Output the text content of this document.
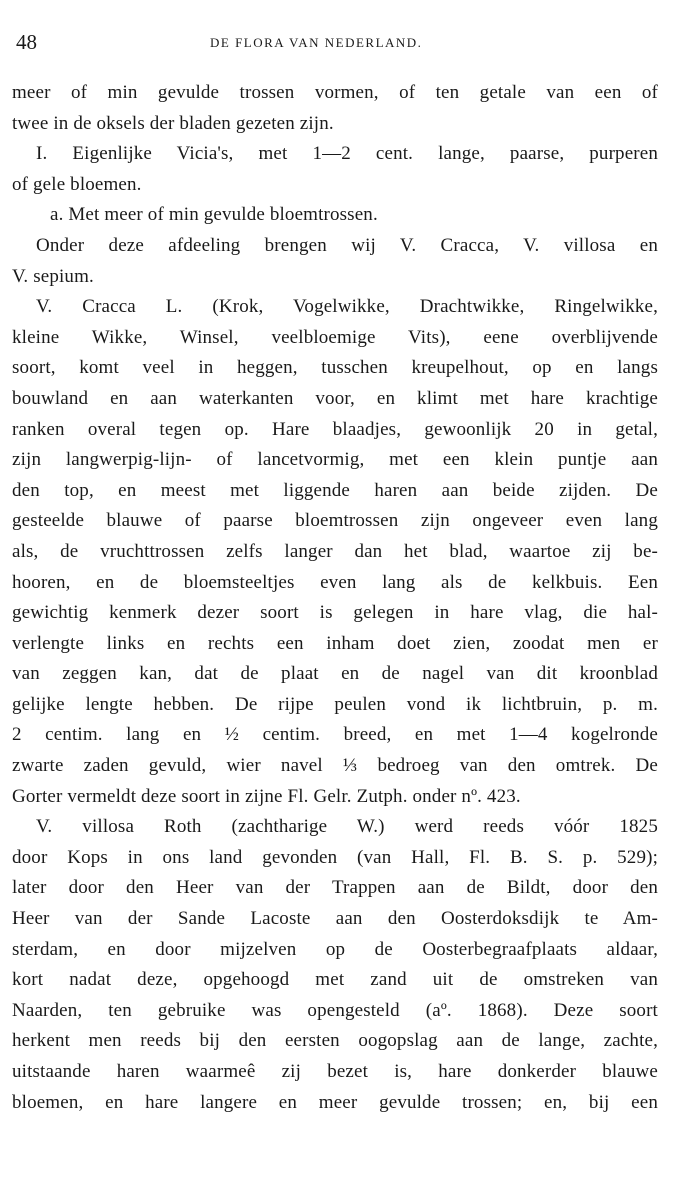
48	DE FLORA VAN NEDERLAND.
meer of min gevulde trossen vormen, of ten getale van een of
twee in de oksels der bladen gezeten zijn.
I. Eigenlijke Vicia's, met 1—2 cent. lange, paarse, purperen
of gele bloemen.
a. Met meer of min gevulde bloemtrossen.
Onder deze afdeeling brengen wij V. Cracca, V. villosa en
V. sepium.
V. Cracca L. (Krok, Vogelwikke, Drachtwikke, Ringelwikke,
kleine Wikke, Winsel, veelbloemige Vits), eene overblijvende
soort, komt veel in heggen, tusschen kreupelhout, op en langs
bouwland en aan waterkanten voor, en klimt met hare krachtige
ranken overal tegen op. Hare blaadjes, gewoonlijk 20 in getal,
zijn langwerpig-lijn- of lancetvormig, met een klein puntje aan
den top, en meest met liggende haren aan beide zijden. De
gesteelde blauwe of paarse bloemtrossen zijn ongeveer even lang
als, de vruchttrossen zelfs langer dan het blad, waartoe zij be-
hooren, en de bloemsteeltjes even lang als de kelkbuis. Een
gewichtig kenmerk dezer soort is gelegen in hare vlag, die hal-
verlengte links en rechts een inham doet zien, zoodat men er
van zeggen kan, dat de plaat en de nagel van dit kroonblad
gelijke lengte hebben. De rijpe peulen vond ik lichtbruin, p. m.
2 centim. lang en ½ centim. breed, en met 1—4 kogelronde
zwarte zaden gevuld, wier navel ⅓ bedroeg van den omtrek. De
Gorter vermeldt deze soort in zijne Fl. Gelr. Zutph. onder nº. 423.
V. villosa Roth (zachtharige W.) werd reeds vóór 1825
door Kops in ons land gevonden (van Hall, Fl. B. S. p. 529);
later door den Heer van der Trappen aan de Bildt, door den
Heer van der Sande Lacoste aan den Oosterdoksdijk te Am-
sterdam, en door mijzelven op de Oosterbegraafplaats aldaar,
kort nadat deze, opgehoogd met zand uit de omstreken van
Naarden, ten gebruike was opengesteld (aº. 1868). Deze soort
herkent men reeds bij den eersten oogopslag aan de lange, zachte,
uitstaande haren waarmeê zij bezet is, hare donkerder blauwe
bloemen, en hare langere en meer gevulde trossen; en, bij een
